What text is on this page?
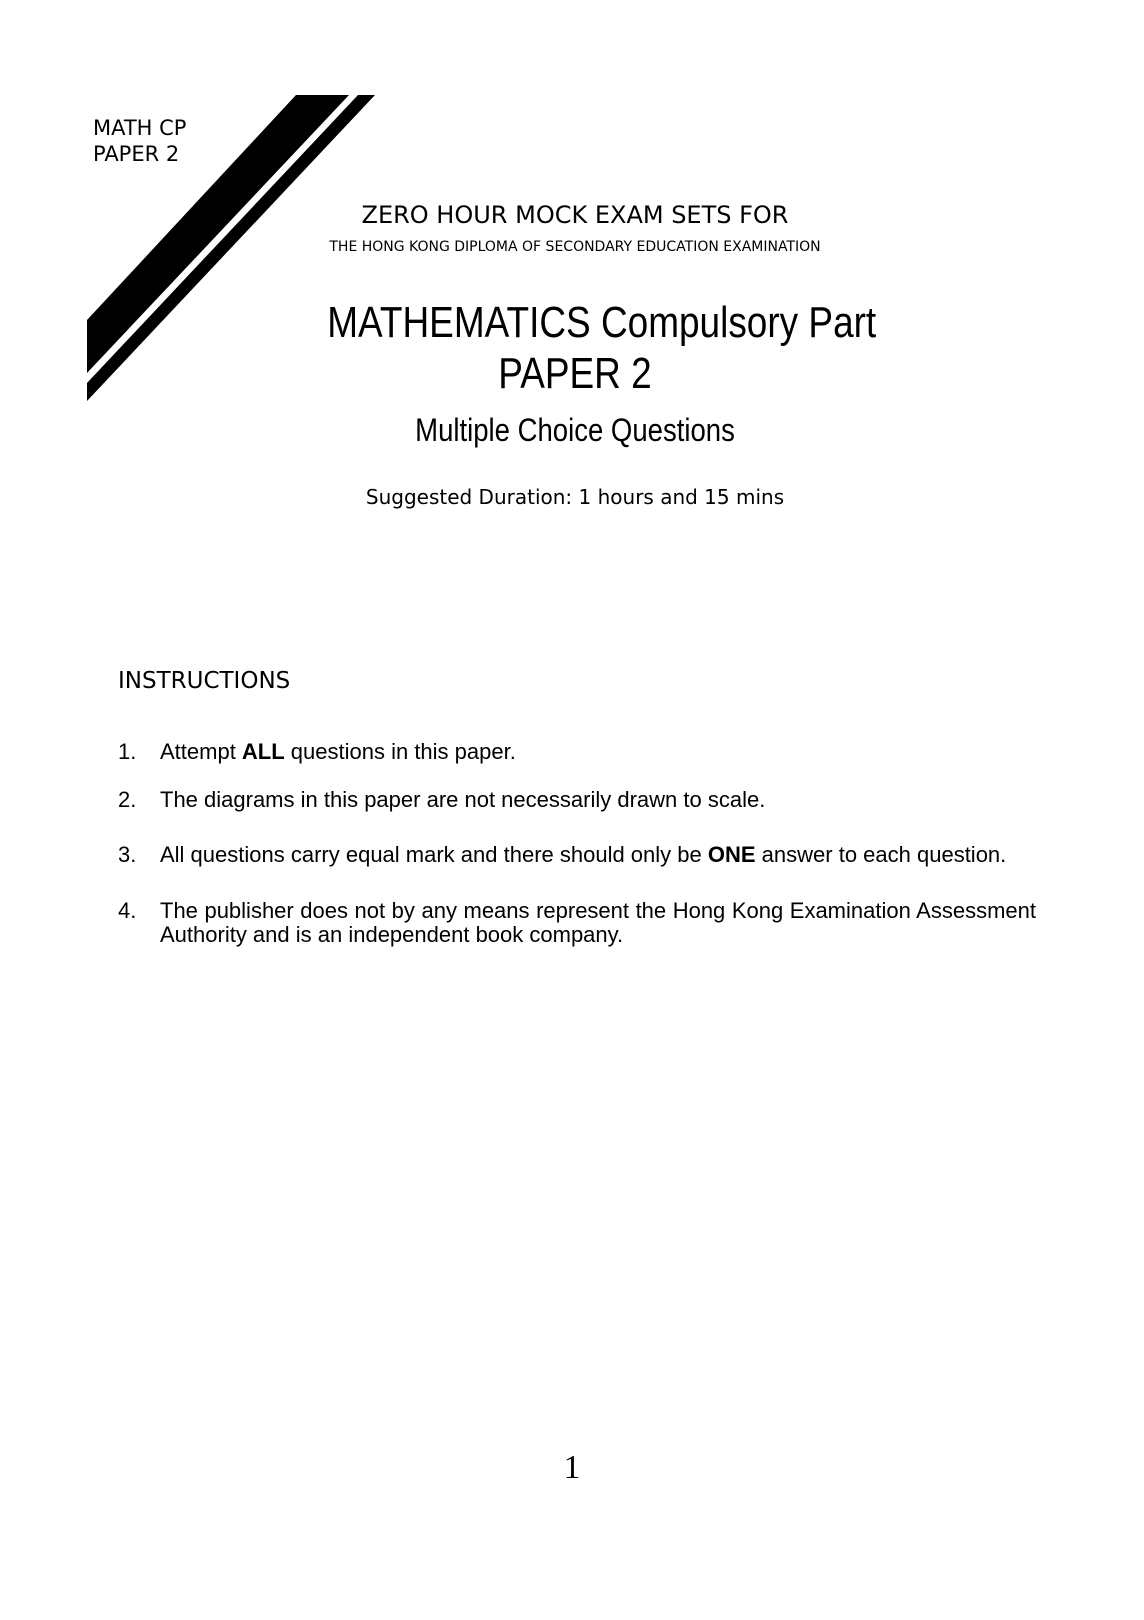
MATH CP
PAPER 2
ZERO HOUR MOCK EXAM SETS FOR
THE HONG KONG DIPLOMA OF SECONDARY EDUCATION EXAMINATION
MATHEMATICS Compulsory Part
PAPER 2
Multiple Choice Questions
Suggested Duration: 1 hours and 15 mins
INSTRUCTIONS
1. Attempt ALL questions in this paper.
2. The diagrams in this paper are not necessarily drawn to scale.
3. All questions carry equal mark and there should only be ONE answer to each question.
4. The publisher does not by any means represent the Hong Kong Examination Assessment Authority and is an independent book company.
1
